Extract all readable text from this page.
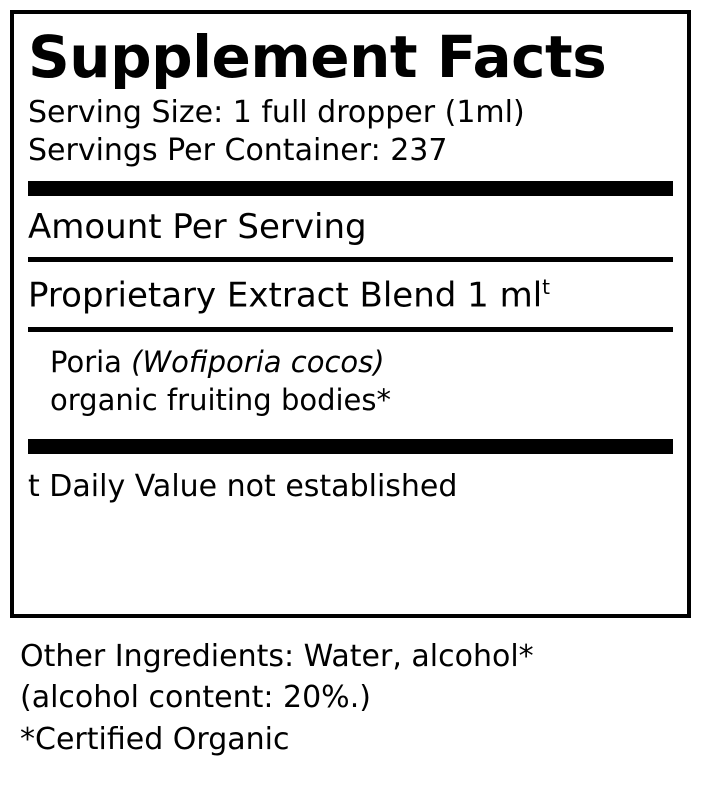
Supplement Facts
Serving Size: 1 full dropper (1ml)
Servings Per Container: 237
Amount Per Serving
Proprietary Extract Blend 1 $ml^t$
Poria (Wofiporia cocos)
organic fruiting bodies*
t Daily Value not established
Other Ingredients: Water, alcohol*
(alcohol content: 20%.)
*Certified Organic
